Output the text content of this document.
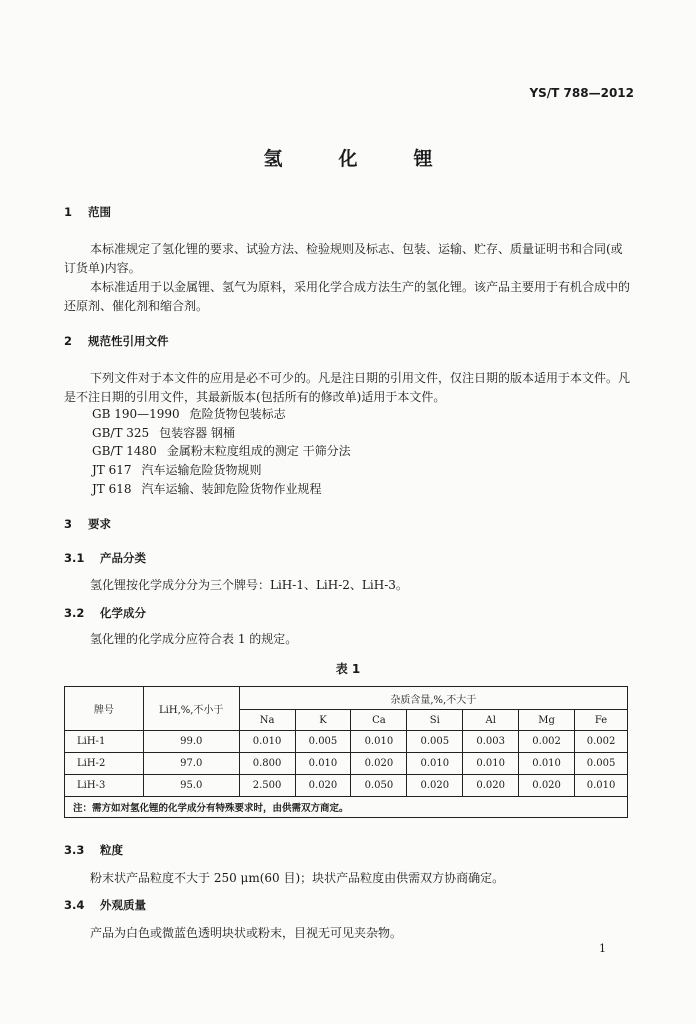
YS/T 788—2012
氢	化	锂
1 范围
本标准规定了氢化锂的要求、试验方法、检验规则及标志、包装、运输、贮存、质量证明书和合同(或订货单)内容。
本标准适用于以金属锂、氢气为原料，采用化学合成方法生产的氢化锂。该产品主要用于有机合成中的还原剂、催化剂和缩合剂。
2 规范性引用文件
下列文件对于本文件的应用是必不可少的。凡是注日期的引用文件，仅注日期的版本适用于本文件。凡是不注日期的引用文件，其最新版本(包括所有的修改单)适用于本文件。
GB 190—1990 危险货物包装标志
GB/T 325 包装容器 钢桶
GB/T 1480 金属粉末粒度组成的测定 干筛分法
JT 617 汽车运输危险货物规则
JT 618 汽车运输、装卸危险货物作业规程
3 要求
3.1 产品分类
氢化锂按化学成分分为三个牌号：LiH-1、LiH-2、LiH-3。
3.2 化学成分
氢化锂的化学成分应符合表 1 的规定。
表 1
牌号	LiH,%,不小于	杂质含量,%,不大于						
		Na	K	Ca	Si	Al	Mg	Fe
LiH-1	99.0	0.010	0.005	0.010	0.005	0.003	0.002	0.002
LiH-2	97.0	0.800	0.010	0.020	0.010	0.010	0.010	0.005
LiH-3	95.0	2.500	0.020	0.050	0.020	0.020	0.020	0.010
注：需方如对氢化锂的化学成分有特殊要求时，由供需双方商定。								
3.3 粒度
粉末状产品粒度不大于 250 μm(60 目)；块状产品粒度由供需双方协商确定。
3.4 外观质量
产品为白色或微蓝色透明块状或粉末，目视无可见夹杂物。
1
